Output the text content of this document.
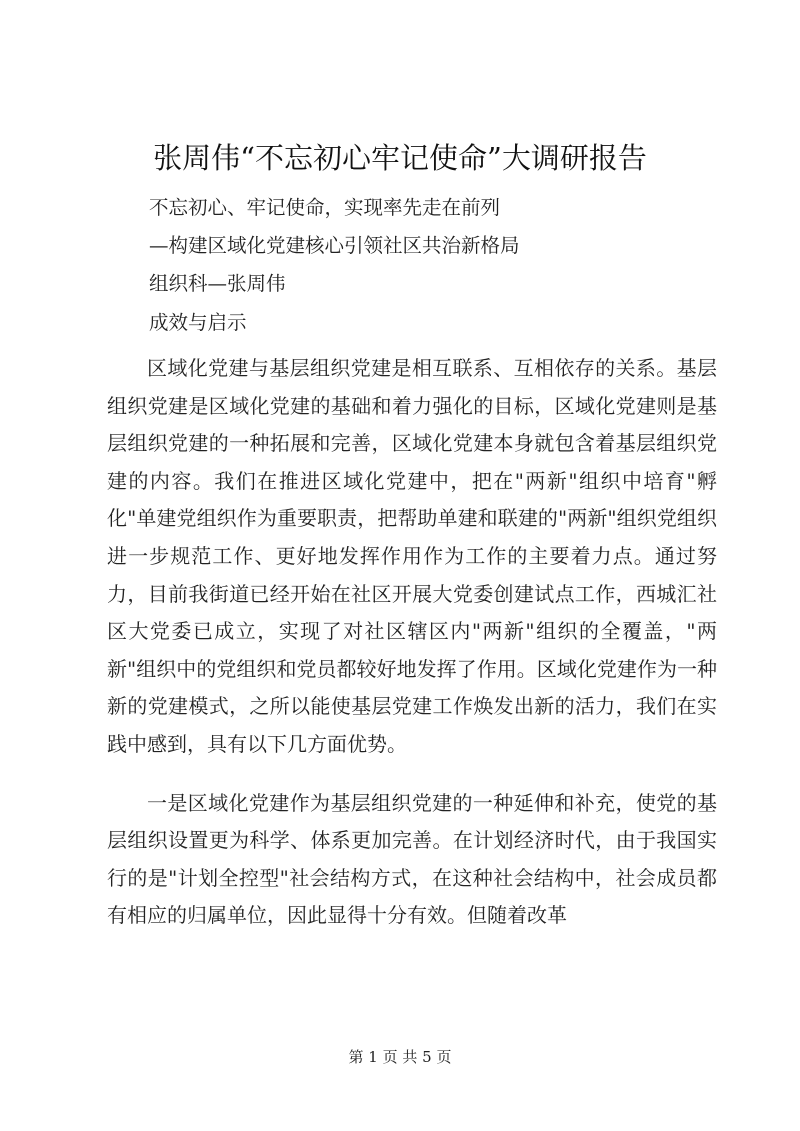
张周伟“不忘初心牢记使命”大调研报告
不忘初心、牢记使命，实现率先走在前列
—构建区域化党建核心引领社区共治新格局
组织科—张周伟
成效与启示

区域化党建与基层组织党建是相互联系、互相依存的关系。基层组织党建是区域化党建的基础和着力强化的目标，区域化党建则是基层组织党建的一种拓展和完善，区域化党建本身就包含着基层组织党建的内容。我们在推进区域化党建中，把在"两新"组织中培育"孵化"单建党组织作为重要职责，把帮助单建和联建的"两新"组织党组织进一步规范工作、更好地发挥作用作为工作的主要着力点。通过努力，目前我街道已经开始在社区开展大党委创建试点工作，西城汇社区大党委已成立，实现了对社区辖区内"两新"组织的全覆盖，"两新"组织中的党组织和党员都较好地发挥了作用。区域化党建作为一种新的党建模式，之所以能使基层党建工作焕发出新的活力，我们在实践中感到，具有以下几方面优势。

一是区域化党建作为基层组织党建的一种延伸和补充，使党的基层组织设置更为科学、体系更加完善。在计划经济时代，由于我国实行的是"计划全控型"社会结构方式，在这种社会结构中，社会成员都有相应的归属单位，因此显得十分有效。但随着改革

第 1 页 共 5 页
